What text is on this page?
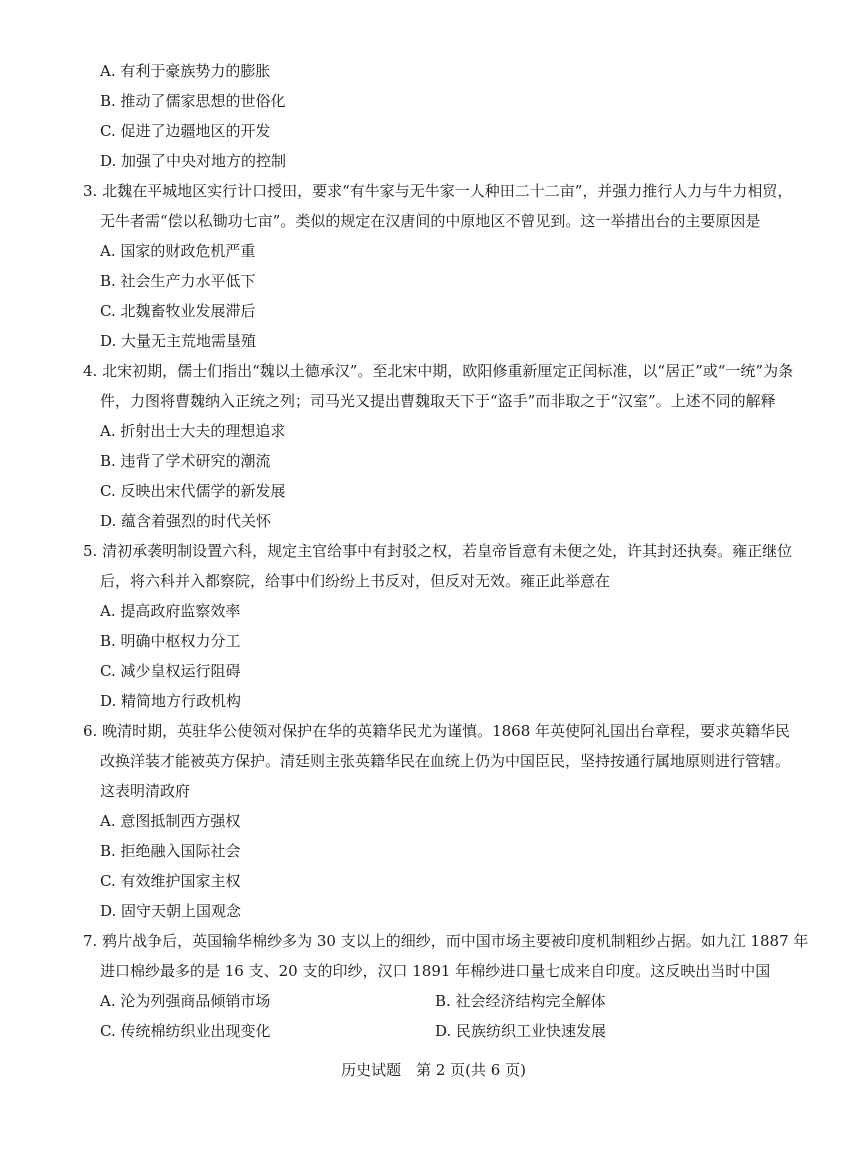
A. 有利于豪族势力的膨胀
B. 推动了儒家思想的世俗化
C. 促进了边疆地区的开发
D. 加强了中央对地方的控制
3. 北魏在平城地区实行计口授田，要求“有牛家与无牛家一人种田二十二亩”，并强力推行人力与牛力相贸，
无牛者需“偿以私锄功七亩”。类似的规定在汉唐间的中原地区不曾见到。这一举措出台的主要原因是
A. 国家的财政危机严重
B. 社会生产力水平低下
C. 北魏畜牧业发展滞后
D. 大量无主荒地需垦殖
4. 北宋初期，儒士们指出“魏以土德承汉”。至北宋中期，欧阳修重新厘定正闰标准，以“居正”或“一统”为条
件，力图将曹魏纳入正统之列；司马光又提出曹魏取天下于“盗手”而非取之于“汉室”。上述不同的解释
A. 折射出士大夫的理想追求
B. 违背了学术研究的潮流
C. 反映出宋代儒学的新发展
D. 蕴含着强烈的时代关怀
5. 清初承袭明制设置六科，规定主官给事中有封驳之权，若皇帝旨意有未便之处，许其封还执奏。雍正继位
后，将六科并入都察院，给事中们纷纷上书反对，但反对无效。雍正此举意在
A. 提高政府监察效率
B. 明确中枢权力分工
C. 减少皇权运行阻碍
D. 精简地方行政机构
6. 晚清时期，英驻华公使领对保护在华的英籍华民尤为谨慎。1868 年英使阿礼国出台章程，要求英籍华民
改换洋装才能被英方保护。清廷则主张英籍华民在血统上仍为中国臣民，坚持按通行属地原则进行管辖。
这表明清政府
A. 意图抵制西方强权
B. 拒绝融入国际社会
C. 有效维护国家主权
D. 固守天朝上国观念
7. 鸦片战争后，英国输华棉纱多为 30 支以上的细纱，而中国市场主要被印度机制粗纱占据。如九江 1887 年
进口棉纱最多的是 16 支、20 支的印纱，汉口 1891 年棉纱进口量七成来自印度。这反映出当时中国
A. 沦为列强商品倾销市场	B. 社会经济结构完全解体
C. 传统棉纺织业出现变化	D. 民族纺织工业快速发展
历史试题　第 2 页(共 6 页)
